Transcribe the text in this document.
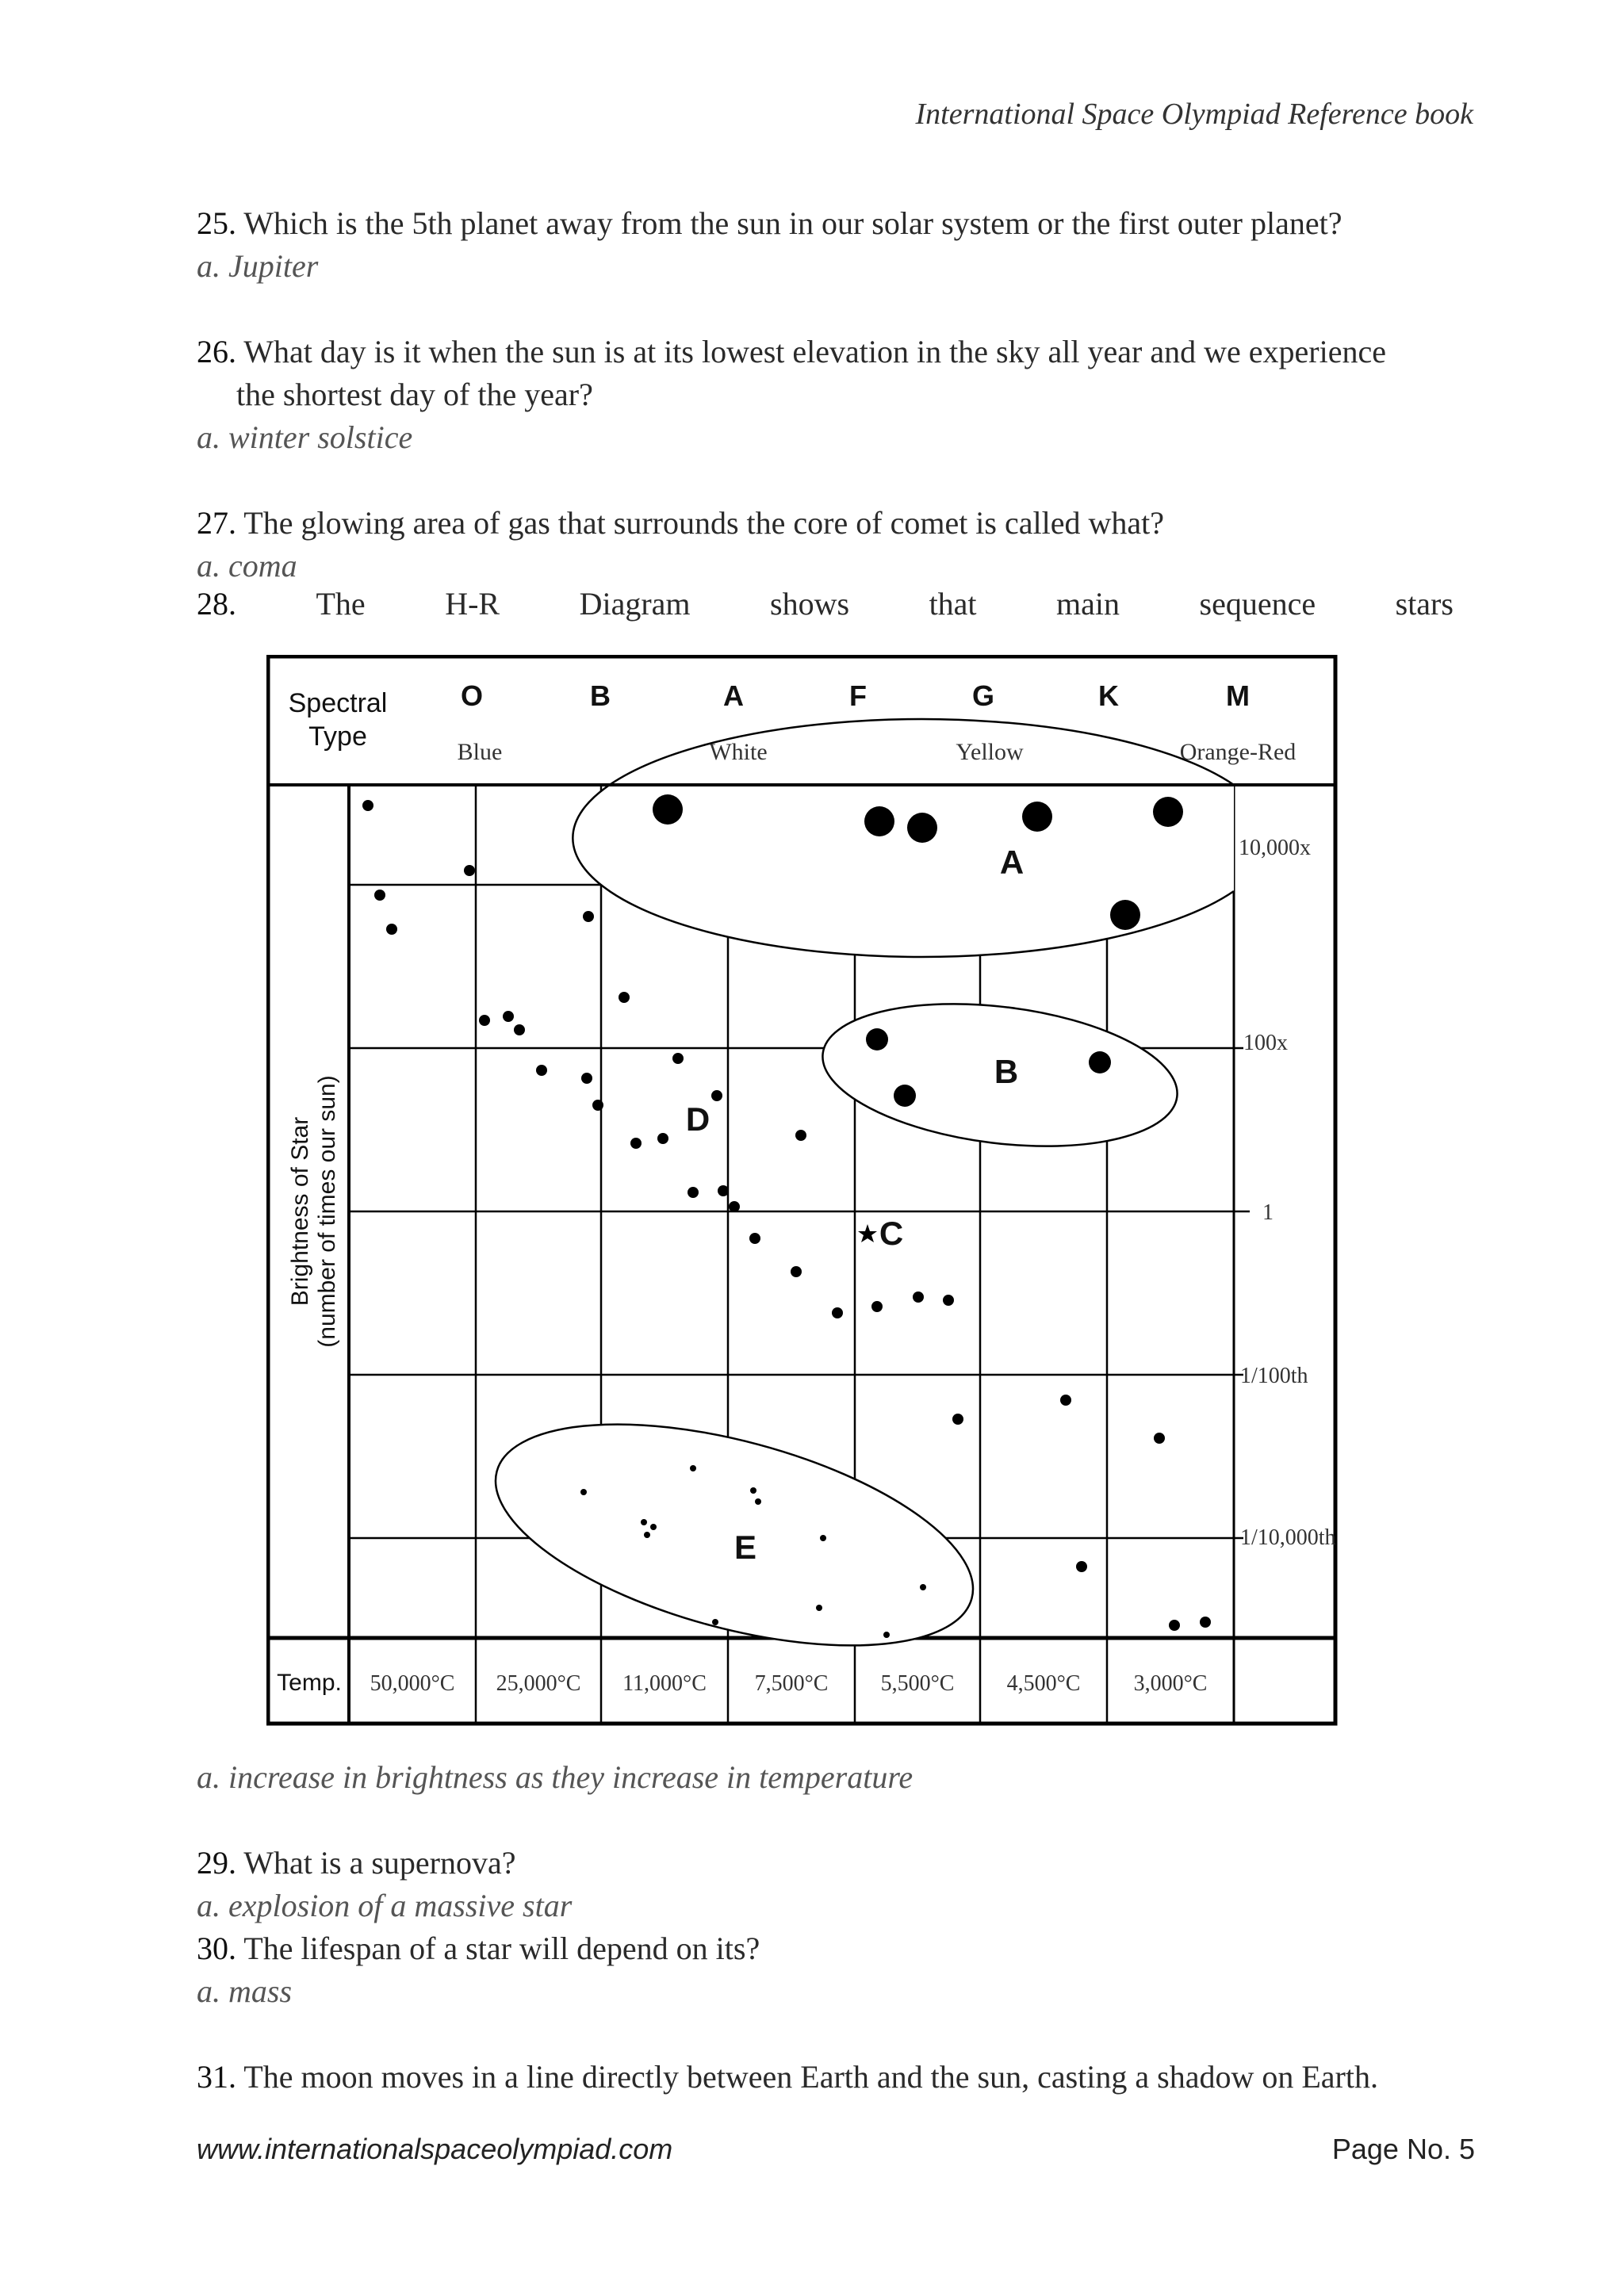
International Space Olympiad Reference book
25. Which is the 5th planet away from the sun in our solar system or the first outer planet?
a. Jupiter
26. What day is it when the sun is at its lowest elevation in the sky all year and we experience
the shortest day of the year?
a. winter solstice
27. The glowing area of gas that surrounds the core of comet is called what?
a. coma
28.	The	H-R	Diagram	shows	that	main	sequence	stars
Spectral
Type
O	B	A	F	G	K	M
Blue	White	Yellow	Orange-Red
Brightness of Star (number of times our sun)
10,000x
100x
1
1/100th
1/10,000th
Temp. 50,000°C 25,000°C 11,000°C 7,500°C 5,500°C 4,500°C 3,000°C
A
B
C
D
E
a. increase in brightness as they increase in temperature
29. What is a supernova?
a. explosion of a massive star
30. The lifespan of a star will depend on its?
a. mass
31. The moon moves in a line directly between Earth and the sun, casting a shadow on Earth.
www.internationalspaceolympiad.com	Page No. 5
